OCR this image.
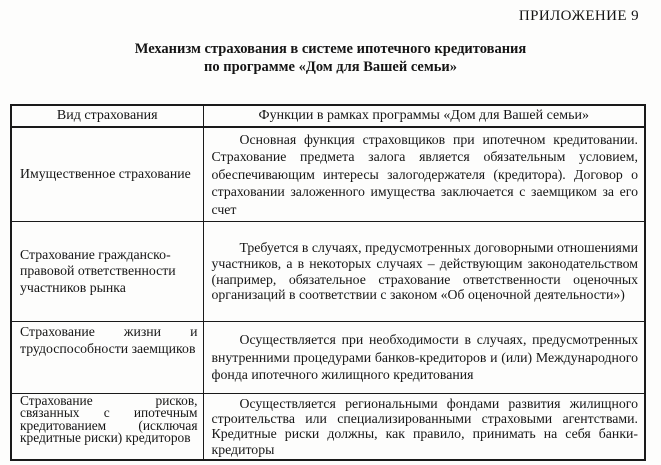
ПРИЛОЖЕНИЕ 9
Механизм страхования в системе ипотечного кредитования
по программе «Дом для Вашей семьи»
Вид страхования	Функции в рамках программы «Дом для Вашей семьи»
Имущественное страхование	Основная функция страховщиков при ипотечном кредитовании. Страхование предмета залога является обязательным условием, обеспечивающим интересы залогодержателя (кредитора). Договор о страховании заложенного имущества заключается с заемщиком за его счет
Страхование гражданско-правовой ответственности участников рынка	Требуется в случаях, предусмотренных договорными отношениями участников, а в некоторых случаях – действующим законодательством (например, обязательное страхование ответственности оценочных организаций в соответствии с законом «Об оценочной деятельности»)
Страхование жизни и трудоспособности заемщиков	Осуществляется при необходимости в случаях, предусмотренных внутренними процедурами банков-кредиторов и (или) Международного фонда ипотечного жилищного кредитования
Страхование рисков, связанных с ипотечным кредитованием (исключая кредитные риски) кредиторов	Осуществляется региональными фондами развития жилищного строительства или специализированными страховыми агентствами. Кредитные риски должны, как правило, принимать на себя банки-кредиторы
